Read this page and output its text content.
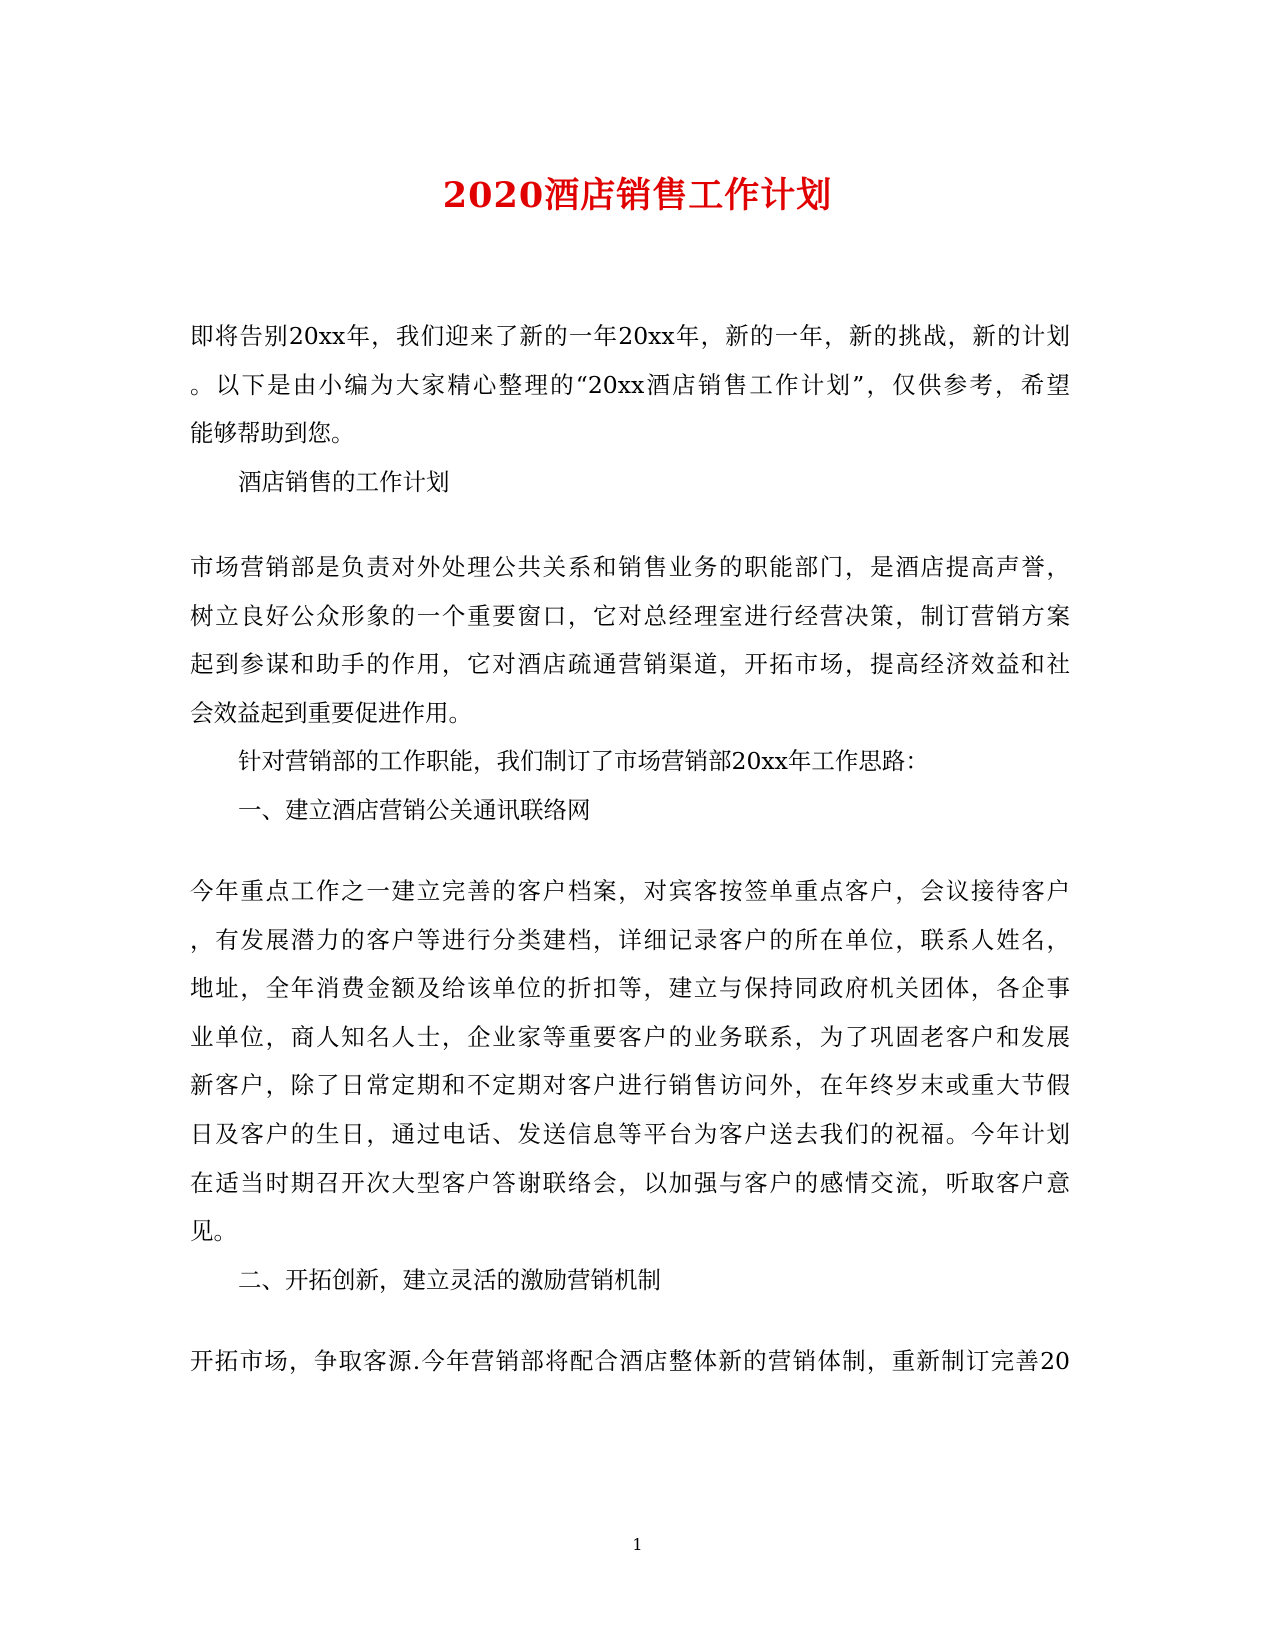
2020酒店销售工作计划
即将告别20xx年，我们迎来了新的一年20xx年，新的一年，新的挑战，新的计划
。以下是由小编为大家精心整理的“20xx酒店销售工作计划”，仅供参考，希望
能够帮助到您。
酒店销售的工作计划
市场营销部是负责对外处理公共关系和销售业务的职能部门，是酒店提高声誉，
树立良好公众形象的一个重要窗口，它对总经理室进行经营决策，制订营销方案
起到参谋和助手的作用，它对酒店疏通营销渠道，开拓市场，提高经济效益和社
会效益起到重要促进作用。
针对营销部的工作职能，我们制订了市场营销部20xx年工作思路：
一、建立酒店营销公关通讯联络网
今年重点工作之一建立完善的客户档案，对宾客按签单重点客户，会议接待客户
，有发展潜力的客户等进行分类建档，详细记录客户的所在单位，联系人姓名，
地址，全年消费金额及给该单位的折扣等，建立与保持同政府机关团体，各企事
业单位，商人知名人士，企业家等重要客户的业务联系，为了巩固老客户和发展
新客户，除了日常定期和不定期对客户进行销售访问外，在年终岁末或重大节假
日及客户的生日，通过电话、发送信息等平台为客户送去我们的祝福。今年计划
在适当时期召开次大型客户答谢联络会，以加强与客户的感情交流，听取客户意
见。
二、开拓创新，建立灵活的激励营销机制
开拓市场，争取客源.今年营销部将配合酒店整体新的营销体制，重新制订完善20
1
